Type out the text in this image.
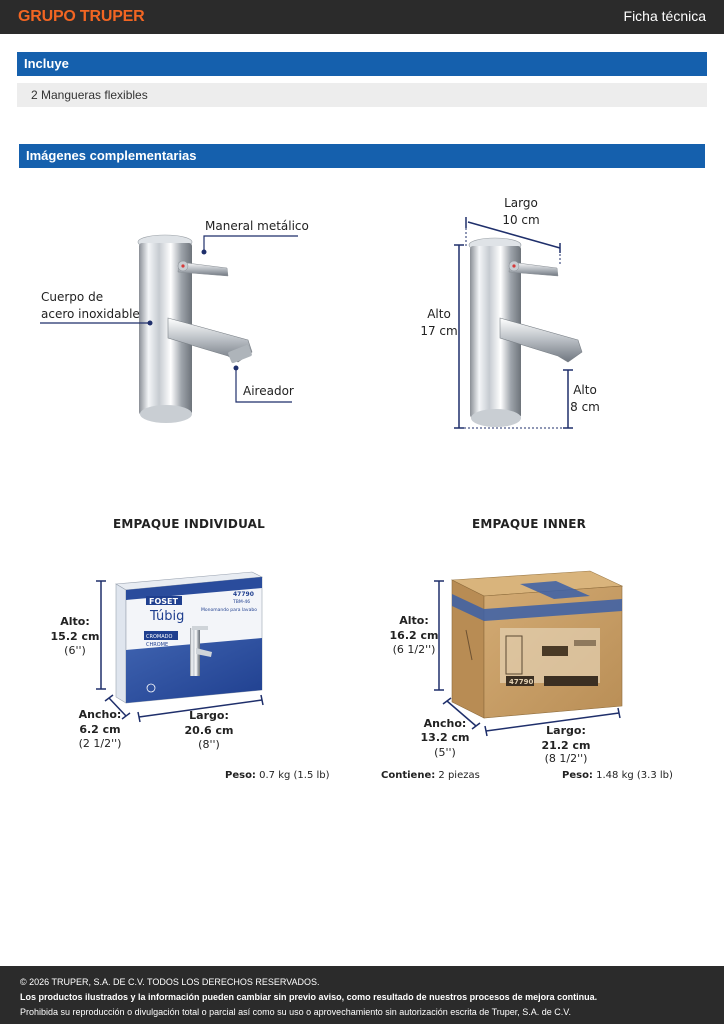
GRUPO TRUPER	Ficha técnica
Incluye
2 Mangueras flexibles
Imágenes complementarias
FOSET
Túbig
47790
TBM-46
Monomando para lavabo
CROMADO
CHROME
47790
Maneral metálico
Cuerpo de
acero inoxidable
Aireador
Largo
10 cm
Alto
17 cm
Alto
8 cm
EMPAQUE INDIVIDUAL	EMPAQUE INNER
Alto:
15.2 cm
(6'')
Ancho:
6.2 cm
(2 1/2'')
Largo:
20.6 cm
(8'')
Peso: 0.7 kg (1.5 lb)
Alto:
16.2 cm
(6 1/2'')
Ancho:
13.2 cm
(5'')
Largo:
21.2 cm
(8 1/2'')
Contiene: 2 piezas	Peso: 1.48 kg (3.3 lb)
© 2026 TRUPER, S.A. DE C.V. TODOS LOS DERECHOS RESERVADOS.
Los productos ilustrados y la información pueden cambiar sin previo aviso, como resultado de nuestros procesos de mejora continua.
Prohibida su reproducción o divulgación total o parcial así como su uso o aprovechamiento sin autorización escrita de Truper, S.A. de C.V.
